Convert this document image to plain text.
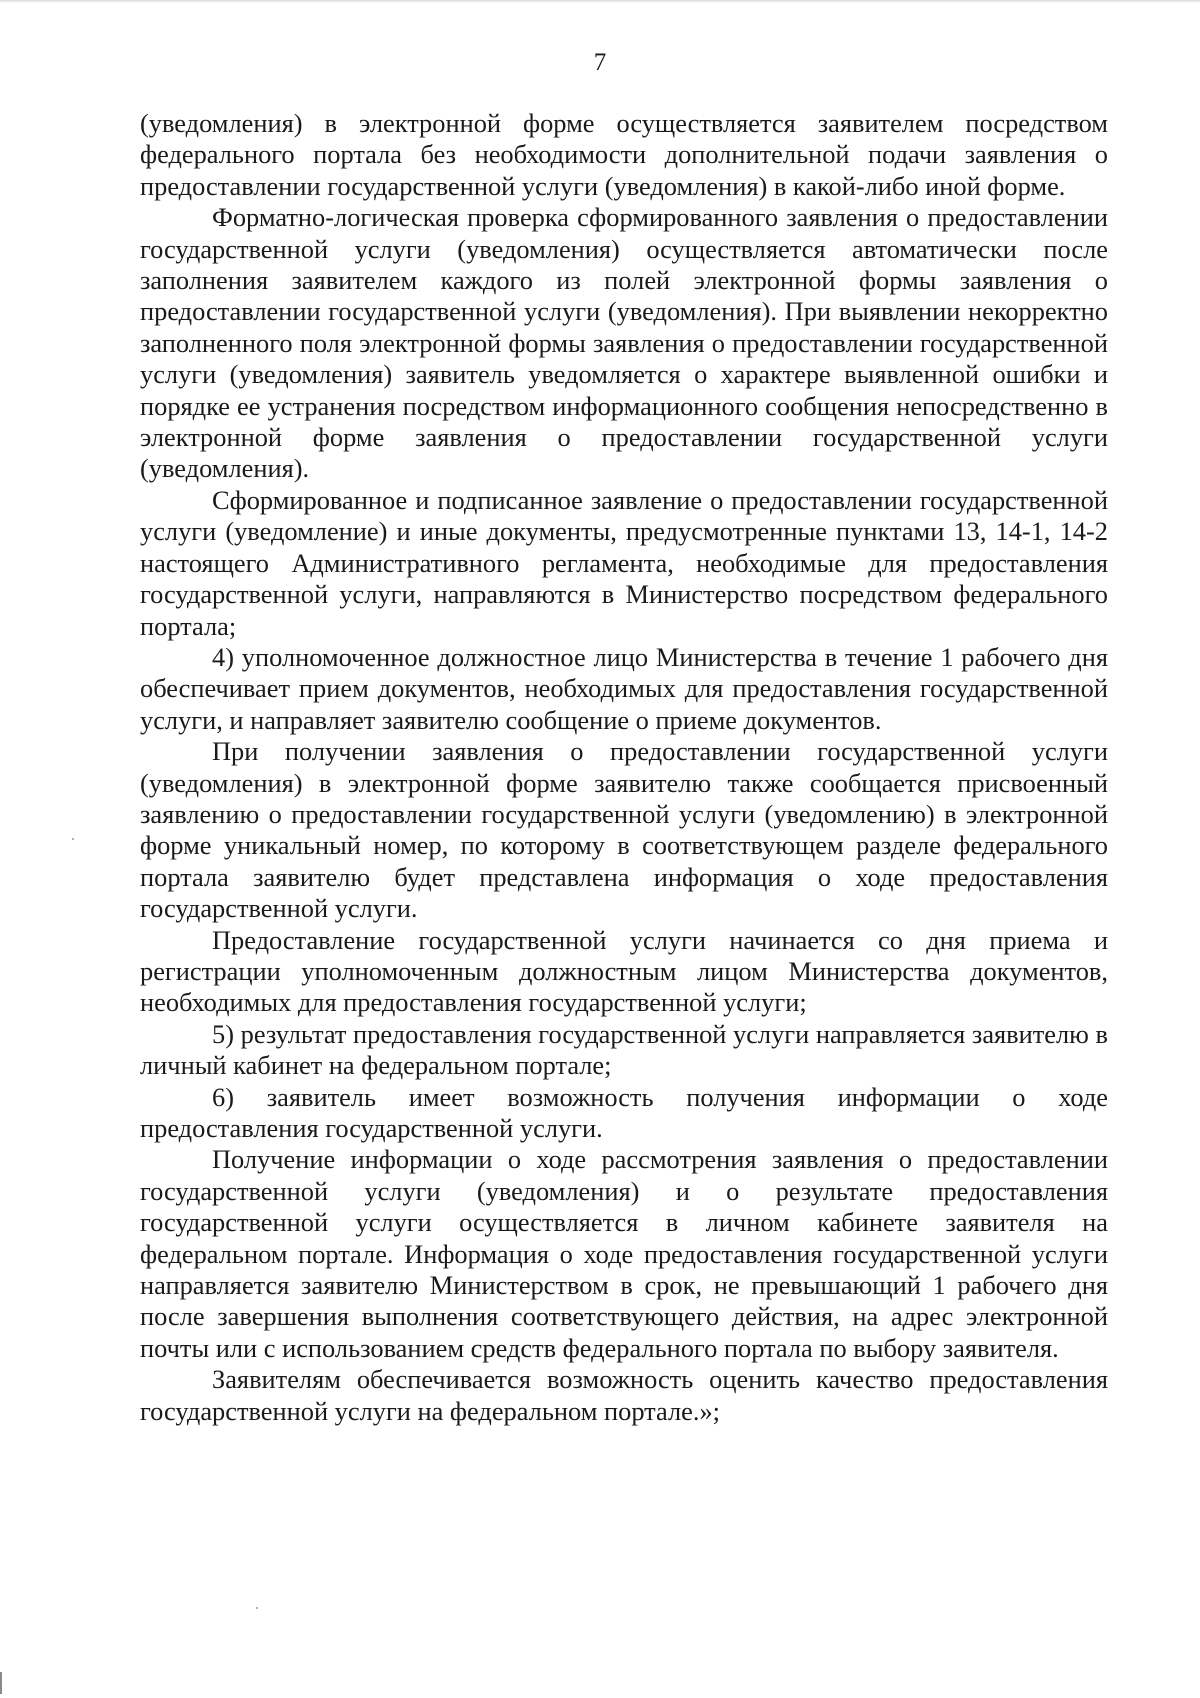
7

(уведомления) в электронной форме осуществляется заявителем посредством федерального портала без необходимости дополнительной подачи заявления о предоставлении государственной услуги (уведомления) в какой-либо иной форме.

Форматно-логическая проверка сформированного заявления о предоставлении государственной услуги (уведомления) осуществляется автоматически после заполнения заявителем каждого из полей электронной формы заявления о предоставлении государственной услуги (уведомления). При выявлении некорректно заполненного поля электронной формы заявления о предоставлении государственной услуги (уведомления) заявитель уведомляется о характере выявленной ошибки и порядке ее устранения посредством информационного сообщения непосредственно в электронной форме заявления о предоставлении государственной услуги (уведомления).

Сформированное и подписанное заявление о предоставлении государственной услуги (уведомление) и иные документы, предусмотренные пунктами 13, 14-1, 14-2 настоящего Административного регламента, необходимые для предоставления государственной услуги, направляются в Министерство посредством федерального портала;

4) уполномоченное должностное лицо Министерства в течение 1 рабочего дня обеспечивает прием документов, необходимых для предоставления государственной услуги, и направляет заявителю сообщение о приеме документов.

При получении заявления о предоставлении государственной услуги (уведомления) в электронной форме заявителю также сообщается присвоенный заявлению о предоставлении государственной услуги (уведомлению) в электронной форме уникальный номер, по которому в соответствующем разделе федерального портала заявителю будет представлена информация о ходе предоставления государственной услуги.

Предоставление государственной услуги начинается со дня приема и регистрации уполномоченным должностным лицом Министерства документов, необходимых для предоставления государственной услуги;

5) результат предоставления государственной услуги направляется заявителю в личный кабинет на федеральном портале;

6) заявитель имеет возможность получения информации о ходе предоставления государственной услуги.

Получение информации о ходе рассмотрения заявления о предоставлении государственной услуги (уведомления) и о результате предоставления государственной услуги осуществляется в личном кабинете заявителя на федеральном портале. Информация о ходе предоставления государственной услуги направляется заявителю Министерством в срок, не превышающий 1 рабочего дня после завершения выполнения соответствующего действия, на адрес электронной почты или с использованием средств федерального портала по выбору заявителя.

Заявителям обеспечивается возможность оценить качество предоставления государственной услуги на федеральном портале.»;
